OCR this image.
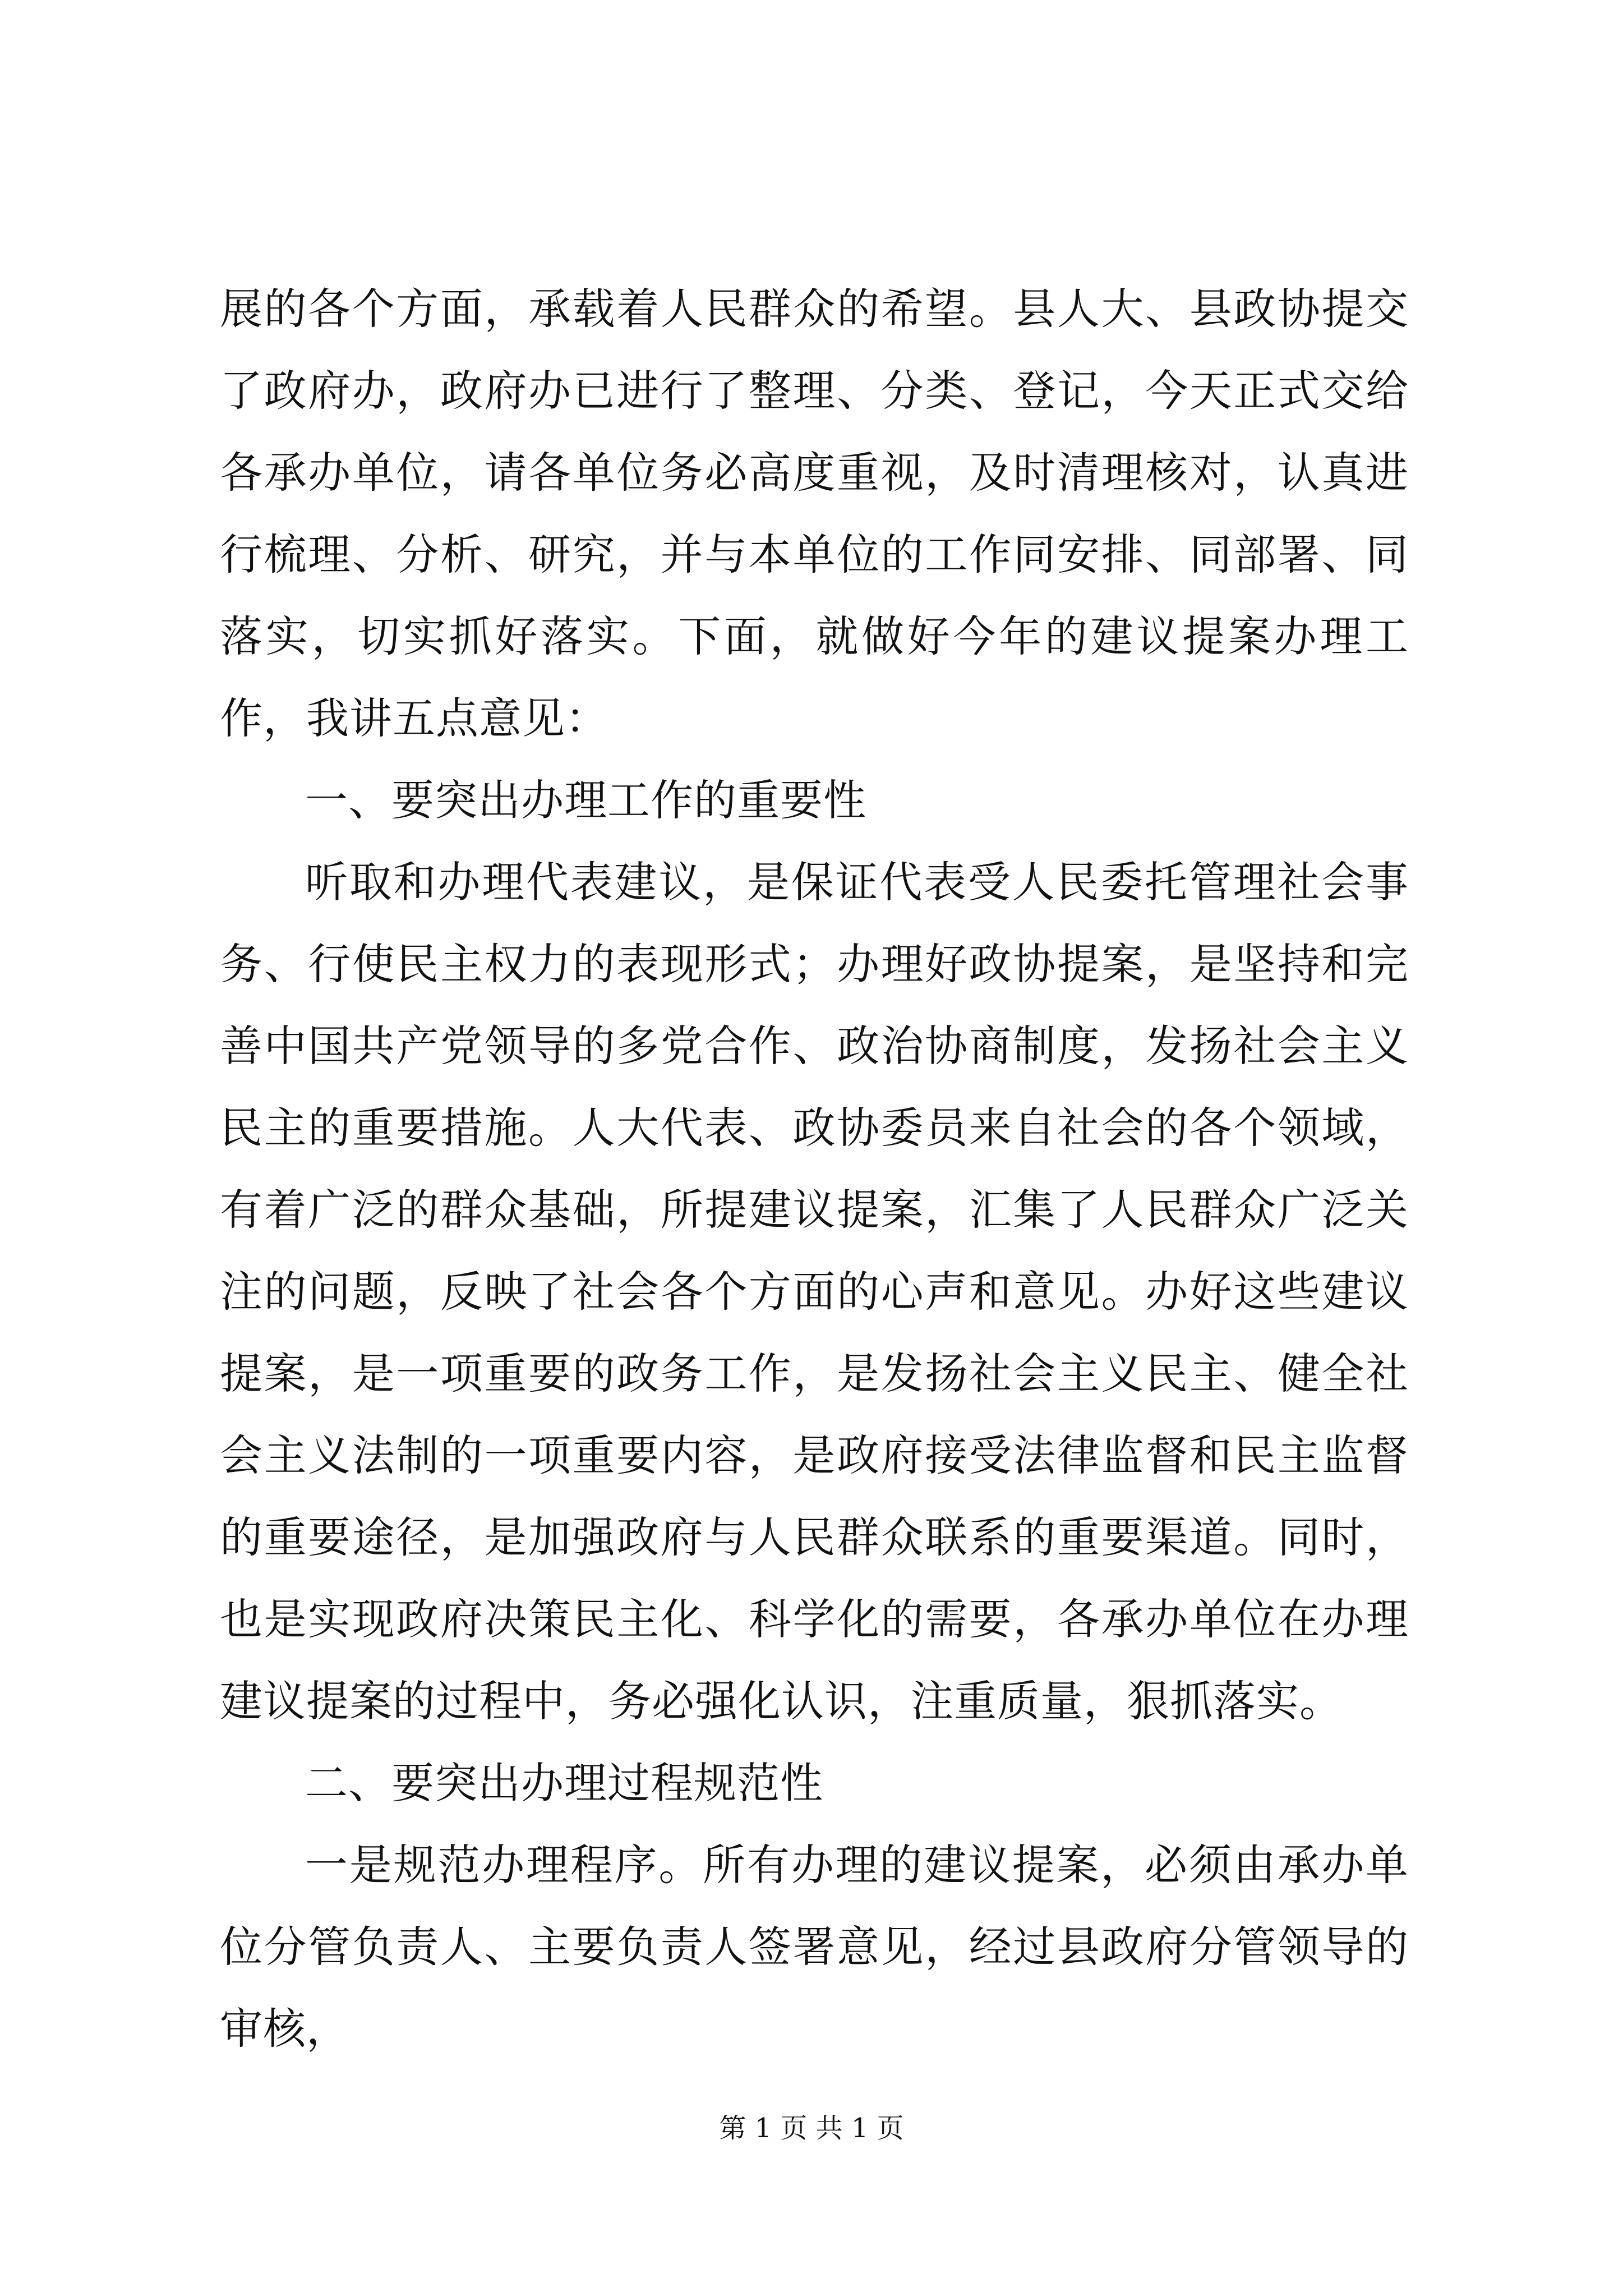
展的各个方面，承载着人民群众的希望。县人大、县政协提交了政府办，政府办已进行了整理、分类、登记，今天正式交给各承办单位，请各单位务必高度重视，及时清理核对，认真进行梳理、分析、研究，并与本单位的工作同安排、同部署、同落实，切实抓好落实。下面，就做好今年的建议提案办理工作，我讲五点意见：

一、要突出办理工作的重要性

听取和办理代表建议，是保证代表受人民委托管理社会事务、行使民主权力的表现形式；办理好政协提案，是坚持和完善中国共产党领导的多党合作、政治协商制度，发扬社会主义民主的重要措施。人大代表、政协委员来自社会的各个领域，有着广泛的群众基础，所提建议提案，汇集了人民群众广泛关注的问题，反映了社会各个方面的心声和意见。办好这些建议提案，是一项重要的政务工作，是发扬社会主义民主、健全社会主义法制的一项重要内容，是政府接受法律监督和民主监督的重要途径，是加强政府与人民群众联系的重要渠道。同时，也是实现政府决策民主化、科学化的需要，各承办单位在办理建议提案的过程中，务必强化认识，注重质量，狠抓落实。

二、要突出办理过程规范性

一是规范办理程序。所有办理的建议提案，必须由承办单位分管负责人、主要负责人签署意见，经过县政府分管领导的审核，

第 1 页 共 1 页
